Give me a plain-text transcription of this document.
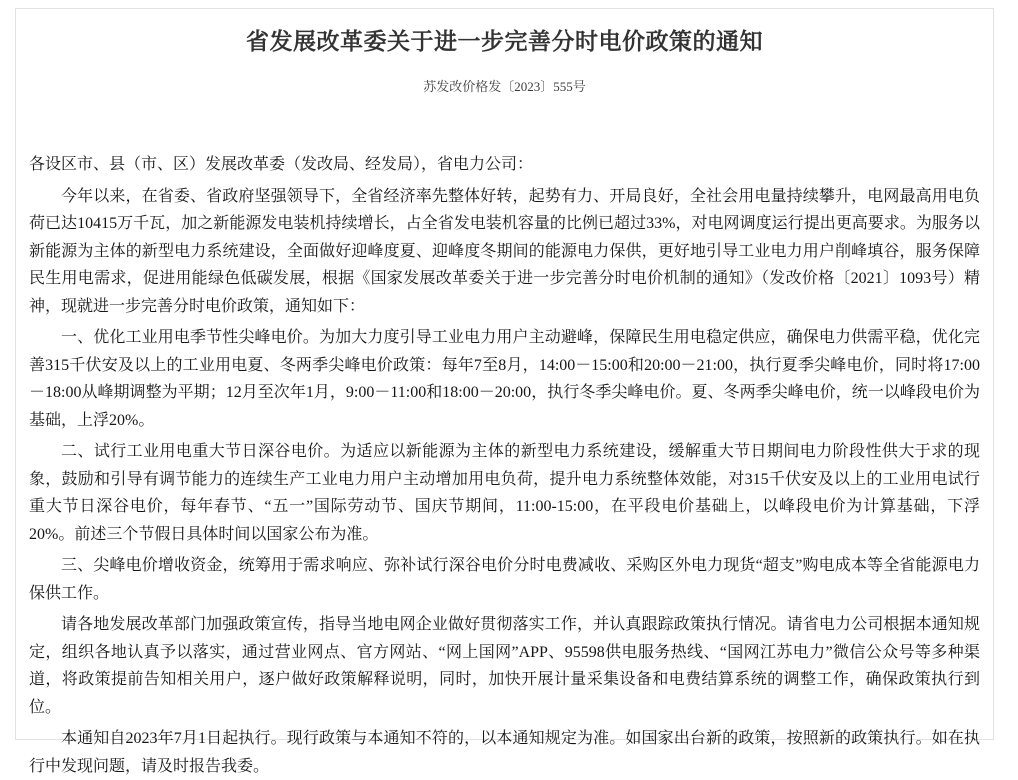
省发展改革委关于进一步完善分时电价政策的通知
苏发改价格发〔2023〕555号

各设区市、县（市、区）发展改革委（发改局、经发局），省电力公司：

今年以来，在省委、省政府坚强领导下，全省经济率先整体好转，起势有力、开局良好，全社会用电量持续攀升，电网最高用电负荷已达10415万千瓦，加之新能源发电装机持续增长，占全省发电装机容量的比例已超过33%，对电网调度运行提出更高要求。为服务以新能源为主体的新型电力系统建设，全面做好迎峰度夏、迎峰度冬期间的能源电力保供，更好地引导工业电力用户削峰填谷，服务保障民生用电需求，促进用能绿色低碳发展，根据《国家发展改革委关于进一步完善分时电价机制的通知》（发改价格〔2021〕1093号）精神，现就进一步完善分时电价政策，通知如下：

一、优化工业用电季节性尖峰电价。为加大力度引导工业电力用户主动避峰，保障民生用电稳定供应，确保电力供需平稳，优化完善315千伏安及以上的工业用电夏、冬两季尖峰电价政策：每年7至8月，14:00－15:00和20:00－21:00，执行夏季尖峰电价，同时将17:00－18:00从峰期调整为平期；12月至次年1月，9:00－11:00和18:00－20:00，执行冬季尖峰电价。夏、冬两季尖峰电价，统一以峰段电价为基础，上浮20%。

二、试行工业用电重大节日深谷电价。为适应以新能源为主体的新型电力系统建设，缓解重大节日期间电力阶段性供大于求的现象，鼓励和引导有调节能力的连续生产工业电力用户主动增加用电负荷，提升电力系统整体效能，对315千伏安及以上的工业用电试行重大节日深谷电价，每年春节、“五一”国际劳动节、国庆节期间，11:00-15:00，在平段电价基础上，以峰段电价为计算基础，下浮20%。前述三个节假日具体时间以国家公布为准。

三、尖峰电价增收资金，统筹用于需求响应、弥补试行深谷电价分时电费减收、采购区外电力现货“超支”购电成本等全省能源电力保供工作。

请各地发展改革部门加强政策宣传，指导当地电网企业做好贯彻落实工作，并认真跟踪政策执行情况。请省电力公司根据本通知规定，组织各地认真予以落实，通过营业网点、官方网站、“网上国网”APP、95598供电服务热线、“国网江苏电力”微信公众号等多种渠道，将政策提前告知相关用户，逐户做好政策解释说明，同时，加快开展计量采集设备和电费结算系统的调整工作，确保政策执行到位。

本通知自2023年7月1日起执行。现行政策与本通知不符的，以本通知规定为准。如国家出台新的政策，按照新的政策执行。如在执行中发现问题，请及时报告我委。
